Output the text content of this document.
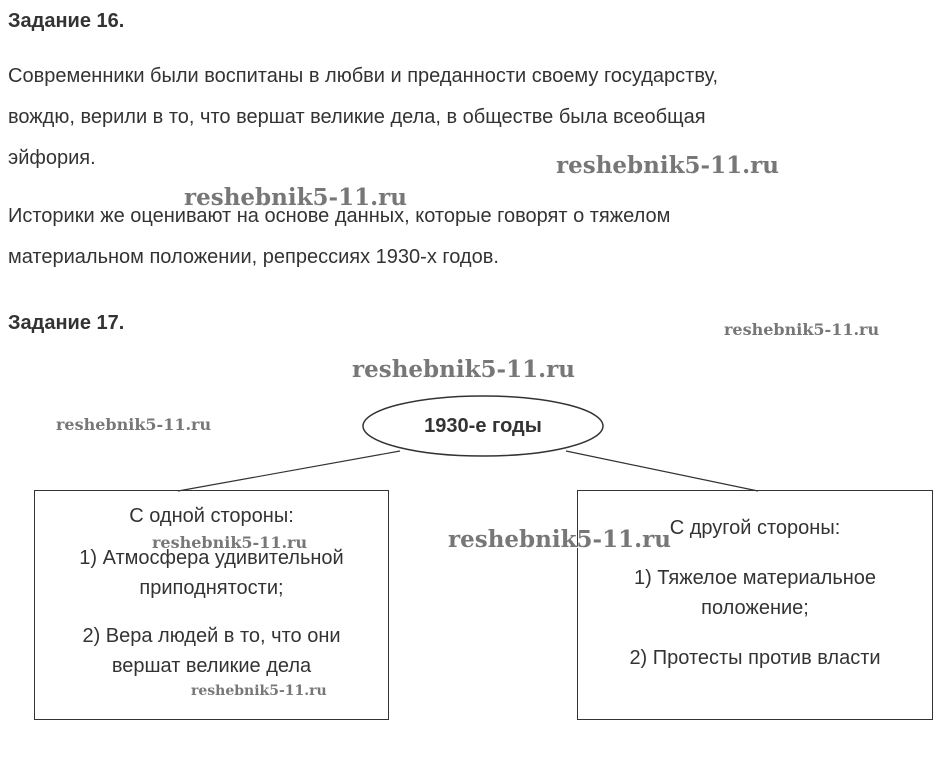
Задание 16.
Современники были воспитаны в любви и преданности своему государству,
вождю, верили в то, что вершат великие дела, в обществе была всеобщая
эйфория.
Историки же оценивают на основе данных, которые говорят о тяжелом
материальном положении, репрессиях 1930-х годов.
Задание 17.
1930-е годы

С одной стороны:

1) Атмосфера удивительной

приподнятости;

2) Вера людей в то, что они

вершат великие дела

С другой стороны:

1) Тяжелое материальное

положение;

2) Протесты против власти

reshebnik5-11.ru
reshebnik5-11.ru
reshebnik5-11.ru
reshebnik5-11.ru
reshebnik5-11.ru
reshebnik5-11.ru
reshebnik5-11.ru
reshebnik5-11.ru
